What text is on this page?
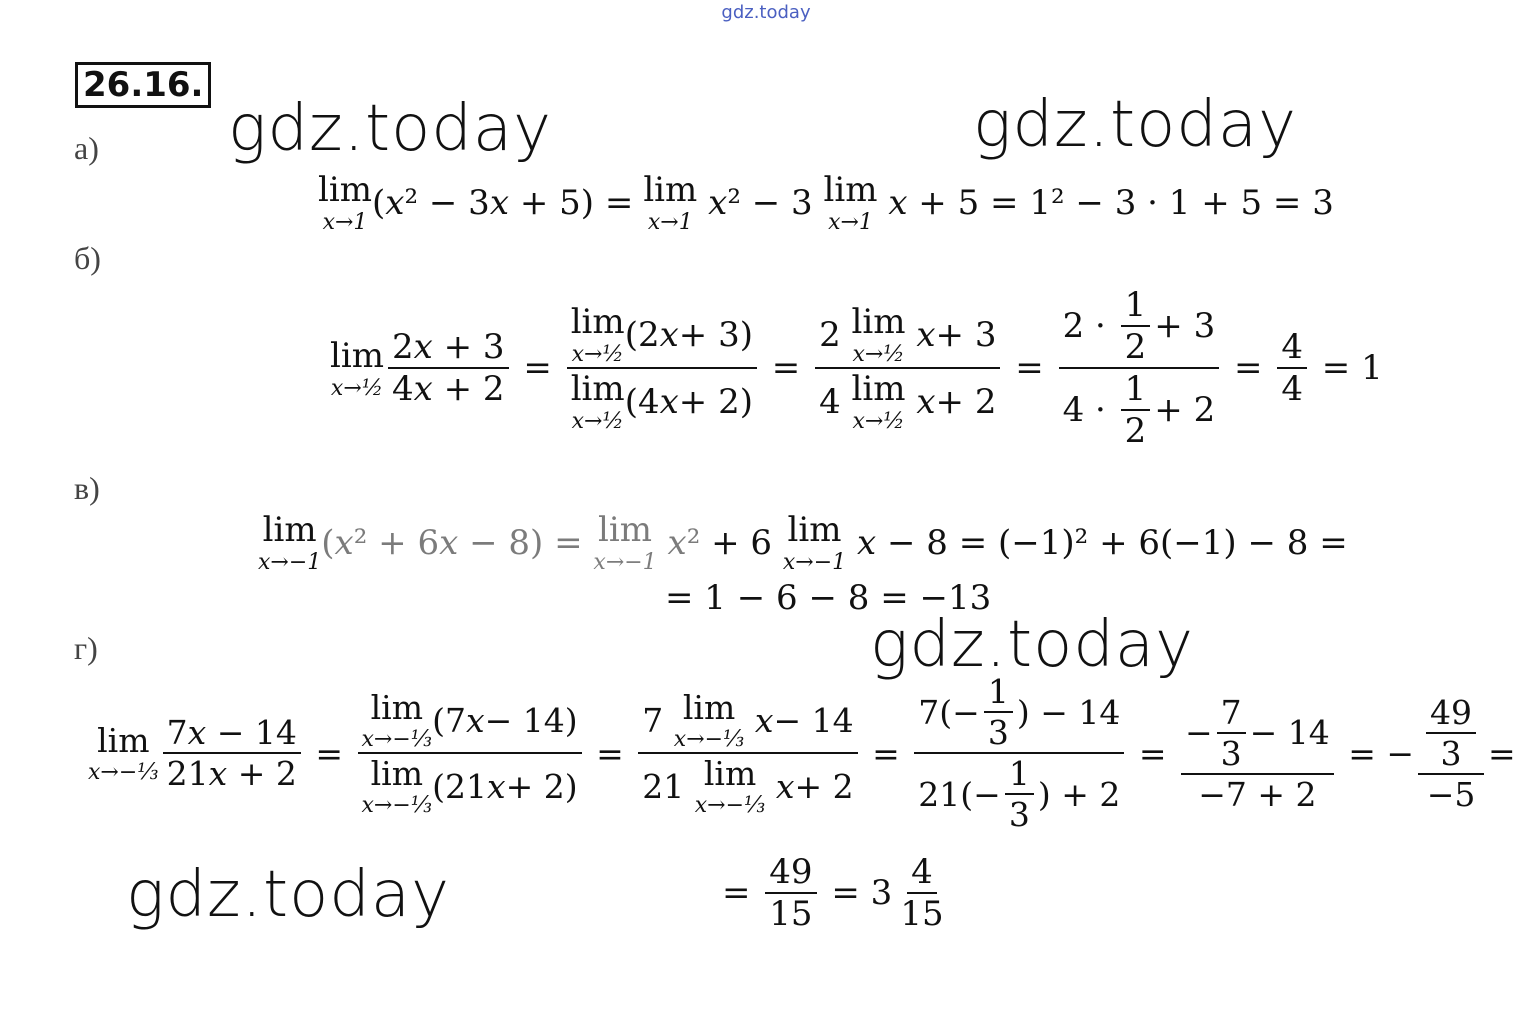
gdz.today
gdz.today	gdz.today
gdz.today
gdz.today
26.16.
а)
б)
в)
г)
lim
x→1 (x² − 3x + 5) = lim
x→1 x² − 3 lim
x→1 x + 5 = 1² − 3 · 1 + 5 = 3
lim
x→½ $\frac{2x + 3}{4x + 2} = \lim$
x→½ (2 x + 3)
lim
x→½ (4 x + 2) = 2 lim
x→½
x + 3
4 lim
x→½
$x + 2 = \frac{2 \cdot \frac{1}{2} + 3}{4 \cdot \frac{1}{2} + 2} = \frac{4}{4} = 1$
lim
x→−1 (x² + 6x − 8) = lim
x→−1 x² + 6 lim
x→−1 x − 8 = (−1)² + 6(−1) − 8 =
= 1 − 6 − 8 = −13
lim
x→−⅓ $\frac{7x - 14}{21x + 2} = \lim$
x→−⅓ (7 x − 14)
lim
x→−⅓ (21 x + 2) = 7 lim
x→−⅓
x − 14
21 lim
x→−⅓
$x + 2 = \frac{7(- \frac{1}{3} ) - 14}{21(- \frac{1}{3} ) + 2} = \frac{- \frac{7}{3} - 14}{-7 + 2}$ = − $\frac{\frac{49}{3}}{-5}$ =
= $\frac{49}{15} = 3 \frac{4}{15}$
